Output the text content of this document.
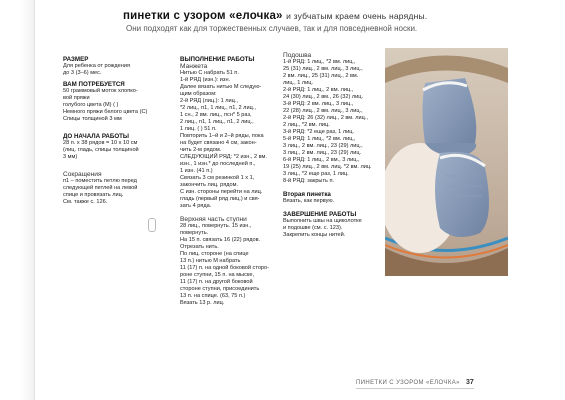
пинетки с узором «елочка» и зубчатым краем очень нарядны.
Они подходят как для торжественных случаев, так и для повседневной носки.
РАЗМЕР
Для ребенка от рождения
до 3 (3–6) мес.
ВАМ ПОТРЕБУЕТСЯ
50 граммовый моток хлопко-
вой пряжи
голубого цвета (М) ( )
Немного пряжи белого цвета (С)
Спицы толщиной 3 мм
ДО НАЧАЛА РАБОТЫ
28 п. х 38 рядов = 10 х 10 см
(лиц. гладь, спицы толщиной
3 мм)
Сокращения
п1 – поместить петлю перед
следующей петлей на левой
спице и провязать лиц.
См. также с. 126.
ВЫПОЛНЕНИЕ РАБОТЫ
Манжета
Нитью С набрать 51 п.
1-й РЯД (изн.): изн.
Далее вязать нитью М следую-
щим образом:
2-й РЯД (лиц.): 1 лиц.,
*2 лиц., п1, 1 лиц., п1, 2 лиц.,
1 сн., 2 вм. лиц., псн* 5 раз,
2 лиц., п1, 1 лиц., п1, 2 лиц.,
1 лиц. ( ) 51 п.
Повторить 1–й и 2–й ряды, пока
на будет связано 4 см, закон-
чить 2-м рядом.
СЛЕДУЮЩИЙ РЯД: *2 изн., 2 вм.
изн., 1 изн.* до последней п.,
1 изн. (41 п.)
Связать 3 см резинкой 1 х 1,
закончить лиц. рядом.
С изн. стороны перейти на лиц.
гладь (первый ряд лиц.) и свя-
зать 4 ряда.
Верхняя часть ступни
28 лиц., повернуть. 15 изн.,
повернуть.
На 15 п. связать 16 (22) рядов.
Отрезать нить.
По лиц. стороне (на спице
13 п.) нитью М набрать
11 (17) п. на одной боковой сторо-
роне ступни, 15 п. на мыске,
11 (17) п. на другой боковой
стороне ступни, присоединить
13 п. на спице. (63, 75 п.)
Вязать 13 р. лиц.
Подошва
1-й РЯД: 1 лиц., *2 вм. лиц.,
25 (31) лиц., 2 вм. лиц., 3 лиц.,
2 вм. лиц., 25 (31) лиц., 2 вм.
лиц., 1 лиц.
2-й РЯД: 1 лиц., 2 вм. лиц.,
24 (30) лиц., 2 вм., 26 (32) лиц.
3-й РЯД: 2 вм. лиц., 3 лиц.,
22 (28) лиц., 2 вм. лиц., 3 лиц.,
2-й РЯД: 26 (32) лиц., 2 вм. лиц.,
2 лиц., *2 вм. лиц.
3-й РЯД: *2 еще раз, 1 лиц.
5-й РЯД: 1 лиц., *2 вм. лиц.,
3 лиц., 2 вм. лиц., 23 (29) лиц.,
3 лиц., 2 вм. лиц., 23 (29) лиц.
6-й РЯД: 1 лиц., 2 вм., 3 лиц.,
19 (25) лиц., 2 вм. лиц. *2 вм. лиц.
3 лиц., *2 еще раз, 1 лиц.
8-й РЯД: закрыть п.
Вторая пинетка
Вязать, как первую.
ЗАВЕРШЕНИЕ РАБОТЫ
Выполнить швы на щиколотке
и подошве (см. с. 123).
Закрепить концы нитей.
ПИНЕТКИ С УЗОРОМ «ЕЛОЧКА» 37
